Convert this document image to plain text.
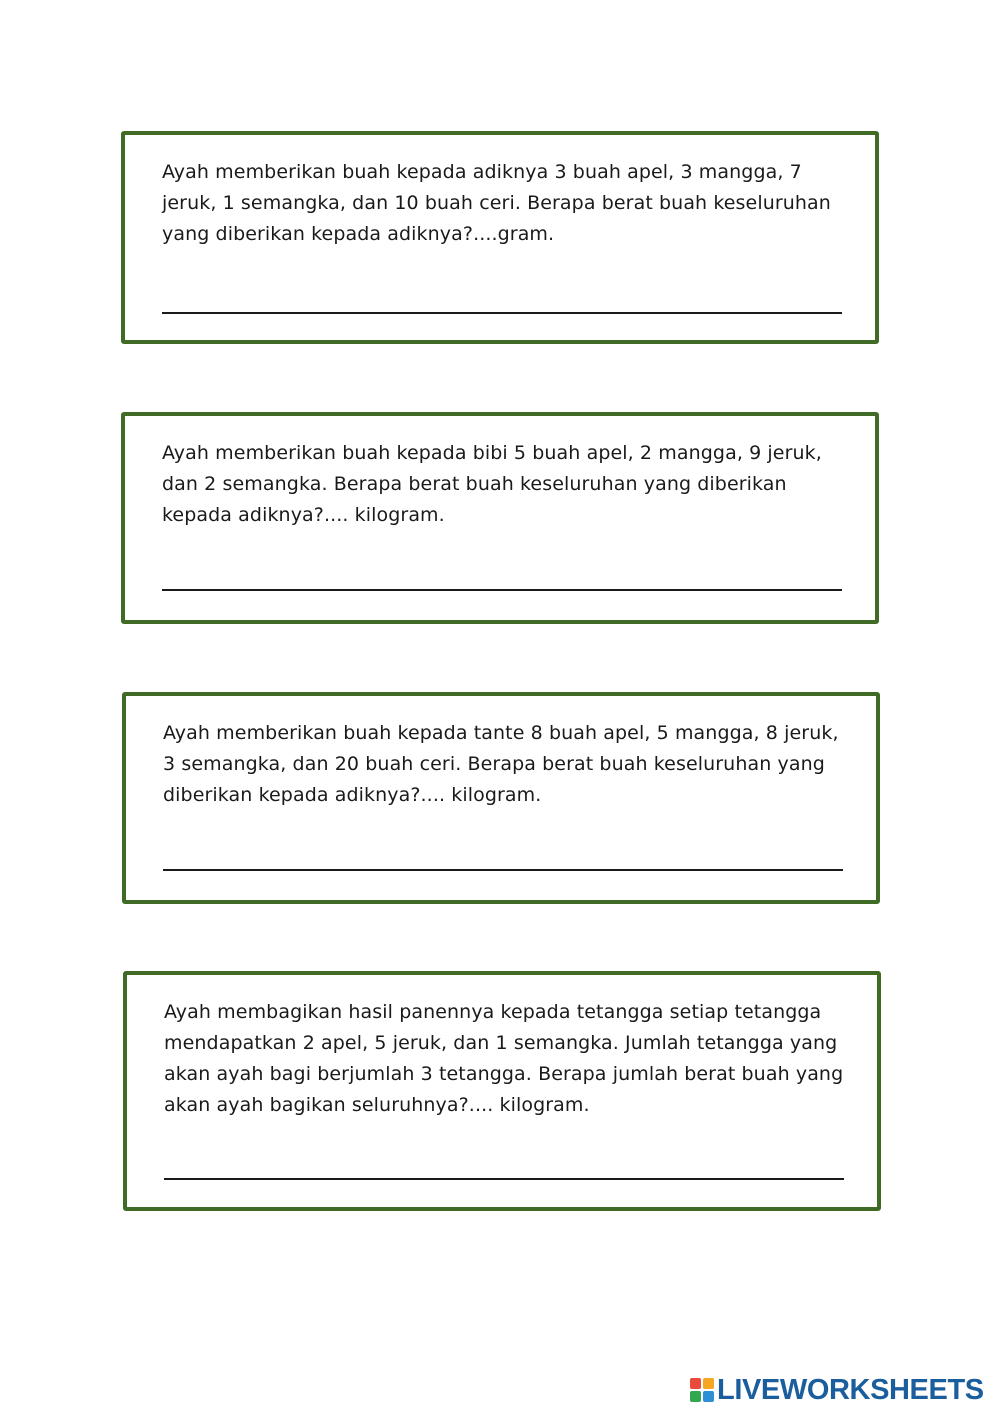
Ayah memberikan buah kepada adiknya 3 buah apel, 3 mangga, 7 jeruk, 1 semangka, dan 10 buah ceri. Berapa berat buah keseluruhan yang diberikan kepada adiknya?....gram.

Ayah memberikan buah kepada bibi 5 buah apel, 2 mangga, 9 jeruk, dan 2 semangka. Berapa berat buah keseluruhan yang diberikan kepada adiknya?.... kilogram.

Ayah memberikan buah kepada tante 8 buah apel, 5 mangga, 8 jeruk, 3 semangka, dan 20 buah ceri. Berapa berat buah keseluruhan yang diberikan kepada adiknya?.... kilogram.

Ayah membagikan hasil panennya kepada tetangga setiap tetangga mendapatkan 2 apel, 5 jeruk, dan 1 semangka. Jumlah tetangga yang akan ayah bagi berjumlah 3 tetangga. Berapa jumlah berat buah yang akan ayah bagikan seluruhnya?.... kilogram.

LIVEWORKSHEETS
